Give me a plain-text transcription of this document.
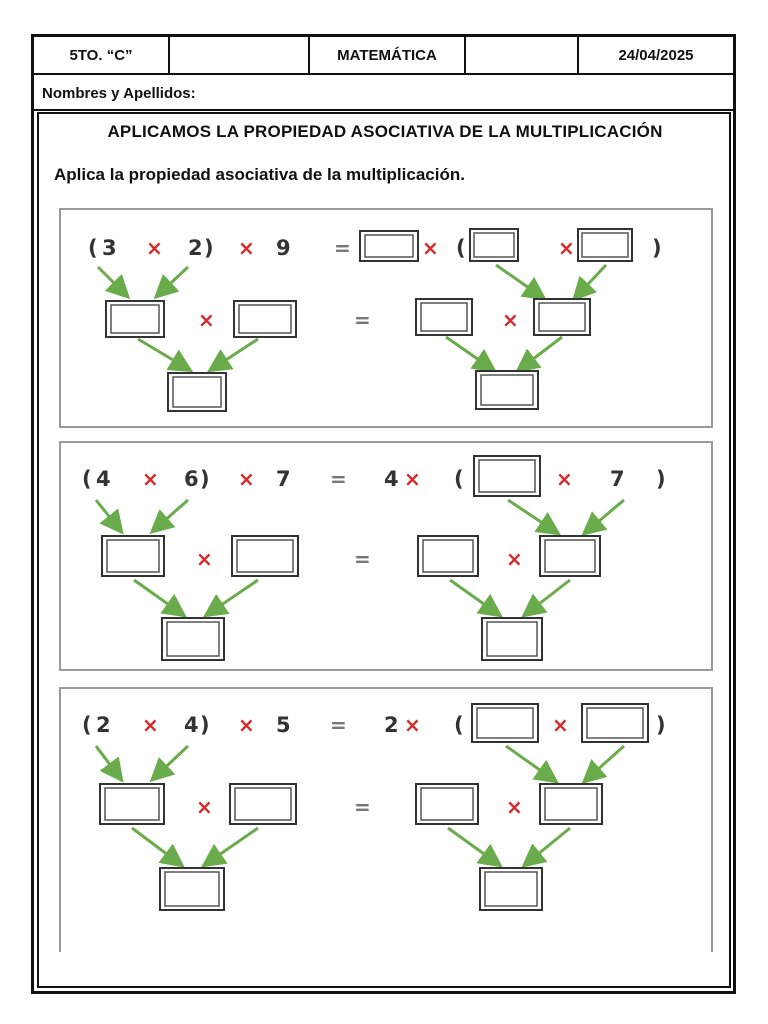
5TO. “C”	MATEMÁTICA	24/04/2025
Nombres y Apellidos:
APLICAMOS LA PROPIEDAD ASOCIATIVA DE LA MULTIPLICACIÓN
Aplica la propiedad asociativa de la multiplicación.
( 3 × 2 ) × 9 =	× (	×	)
×	=	×
( 4 × 6 ) × 7 = 4 × (	× 7 )
×	=	×
( 2 × 4 ) × 5 = 2 × (	×	)
×	=	×
